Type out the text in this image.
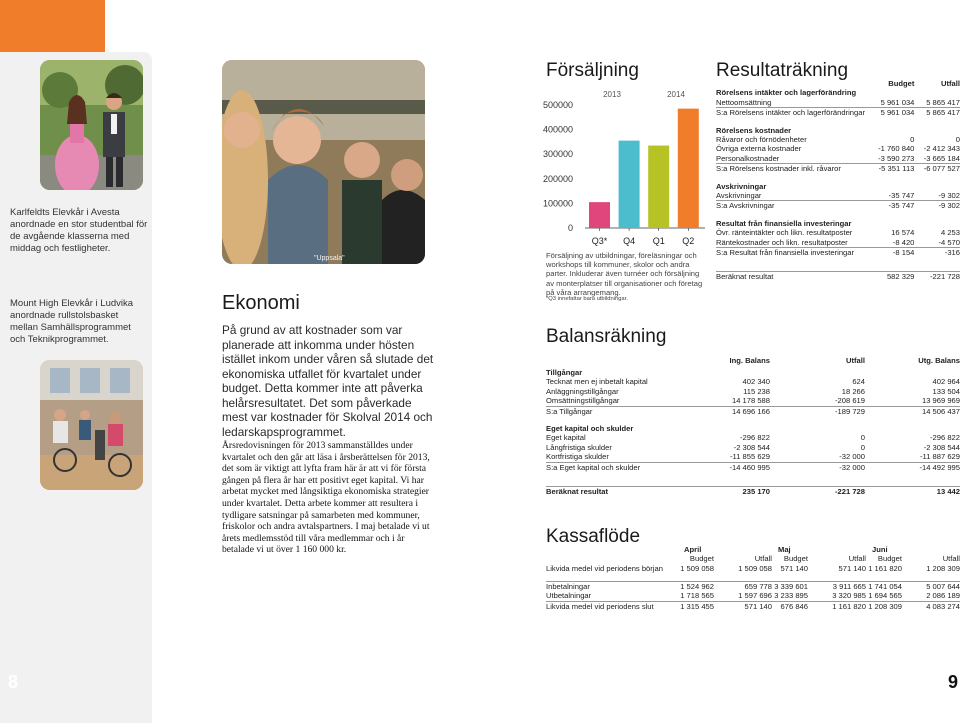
Karlfeldts Elevkår i Avesta anordnade en stor studentbal för de avgående klasserna med middag och festligheter.
Mount High Elevkår i Ludvika anordnade rullstolsbasket mellan Samhällsprogrammet och Teknikprogrammet.
"Uppsala"
Ekonomi
På grund av att kostnader som var planerade att inkomma under hösten istället inkom under våren så slutade det ekonomiska utfallet för kvartalet under budget. Detta kommer inte att påverka helårsresultatet. Det som påverkade mest var kostnader för Skolval 2014 och ledarskapsprogrammet.
Årsredovisningen för 2013 sammanställdes under kvartalet och den går att läsa i årsberättelsen för 2013, det som är viktigt att lyfta fram här är att vi för första gången på flera år har ett positivt eget kapital. Vi har arbetat mycket med långsiktiga ekonomiska strategier under kvartalet. Detta arbete kommer att resultera i tydligare satsningar på samarbeten med kommuner, friskolor och andra avtalspartners. I maj betalade vi ut årets medlemsstöd till våra medlemmar och i år betalade vi ut över 1 160 000 kr.
Försäljning
0
100000
200000
300000
400000
500000
Q3* Q4 Q1 Q2
2013	2014
Försäljning av utbildningar, föreläsningar och workshops till kommuner, skolor och andra parter. Inkluderar även turnéer och försäljning av monterplatser till organisationer och företag på våra arrangemang.
*Q3 innefattar bara utbildningar.
Resultaträkning
	Budget	Utfall
Rörelsens intäkter och lagerförändring		
Nettoomsättning	5 961 034	5 865 417
S:a Rörelsens intäkter och lagerförändringar	5 961 034	5 865 417

Rörelsens kostnader		
Råvaror och förnödenheter	0	0
Övriga externa kostnader	-1 760 840	-2 412 343
Personalkostnader	-3 590 273	-3 665 184
S:a Rörelsens kostnader inkl. råvaror	-5 351 113	-6 077 527

Avskrivningar		
Avskrivningar	-35 747	-9 302
S:a Avskrivningar	-35 747	-9 302

Resultat från finansiella investeringar		
Övr. ränteintäkter och likn. resultatposter	16 574	4 253
Räntekostnader och likn. resultatposter	-8 420	-4 570
S:a Resultat från finansiella investeringar	-8 154	-316

Beräknat resultat	582 329	-221 728
Balansräkning
	Ing. Balans	Utfall	Utg. Balans
Tillgångar			
Tecknat men ej inbetalt kapital	402 340	624	402 964
Anläggningstillgångar	115 238	18 266	133 504
Omsättningstillgångar	14 178 588	-208 619	13 969 969
S:a Tillgångar	14 696 166	-189 729	14 506 437

Eget kapital och skulder			
Eget kapital	-296 822	0	-296 822
Långfristiga skulder	-2 308 544	0	-2 308 544
Kortfristiga skulder	-11 855 629	-32 000	-11 887 629
S:a Eget kapital och skulder	-14 460 995	-32 000	-14 492 995

Beräknat resultat	235 170	-221 728	13 442
Kassaflöde
	April		Maj		Juni	
	Budget	Utfall	Budget	Utfall	Budget	Utfall
Likvida medel vid periodens början	1 509 058	1 509 058	571 140	571 140	1 161 820	1 208 309

Inbetalningar	1 524 962	659 778	3 339 601	3 911 665	1 741 054	5 007 644
Utbetalningar	1 718 565	1 597 696	3 233 895	3 320 985	1 694 565	2 086 189
Likvida medel vid periodens slut	1 315 455	571 140	676 846	1 161 820	1 208 309	4 083 274
8	9
